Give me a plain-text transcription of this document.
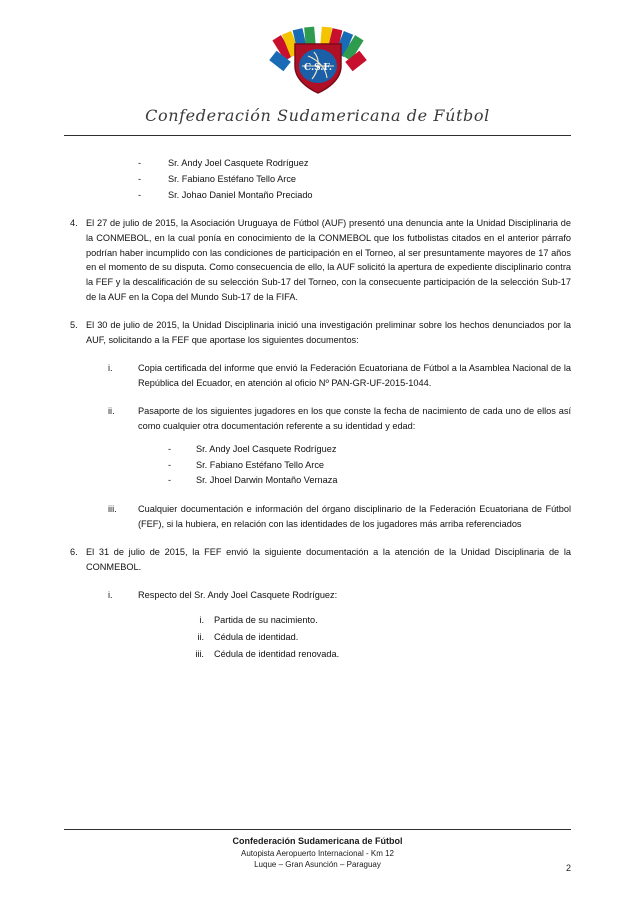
C.S.F.
Confederación Sudamericana de Fútbol
-	Sr. Andy Joel Casquete Rodríguez
-	Sr. Fabiano Estéfano Tello Arce
-	Sr. Johao Daniel Montaño Preciado
4. El 27 de julio de 2015, la Asociación Uruguaya de Fútbol (AUF) presentó una denuncia ante la Unidad Disciplinaria de la CONMEBOL, en la cual ponía en conocimiento de la CONMEBOL que los futbolistas citados en el anterior párrafo podrían haber incumplido con las condiciones de participación en el Torneo, al ser presuntamente mayores de 17 años en el momento de su disputa. Como consecuencia de ello, la AUF solicitó la apertura de expediente disciplinario contra la FEF y la descalificación de su selección Sub-17 del Torneo, con la consecuente participación de la selección Sub-17 de la AUF en la Copa del Mundo Sub-17 de la FIFA.
5. El 30 de julio de 2015, la Unidad Disciplinaria inició una investigación preliminar sobre los hechos denunciados por la AUF, solicitando a la FEF que aportase los siguientes documentos:
i.	Copia certificada del informe que envió la Federación Ecuatoriana de Fútbol a la Asamblea Nacional de la República del Ecuador, en atención al oficio Nº PAN-GR-UF-2015-1044.
ii.	Pasaporte de los siguientes jugadores en los que conste la fecha de nacimiento de cada uno de ellos así como cualquier otra documentación referente a su identidad y edad:
-	Sr. Andy Joel Casquete Rodríguez
-	Sr. Fabiano Estéfano Tello Arce
-	Sr. Jhoel Darwin Montaño Vernaza
iii.	Cualquier documentación e información del órgano disciplinario de la Federación Ecuatoriana de Fútbol (FEF), si la hubiera, en relación con las identidades de los jugadores más arriba referenciados
6. El 31 de julio de 2015, la FEF envió la siguiente documentación a la atención de la Unidad Disciplinaria de la CONMEBOL.
i.	Respecto del Sr. Andy Joel Casquete Rodríguez:
i.	Partida de su nacimiento.
ii.	Cédula de identidad.
iii.	Cédula de identidad renovada.
Confederación Sudamericana de Fútbol
Autopista Aeropuerto Internacional - Km 12
Luque – Gran Asunción – Paraguay	2
